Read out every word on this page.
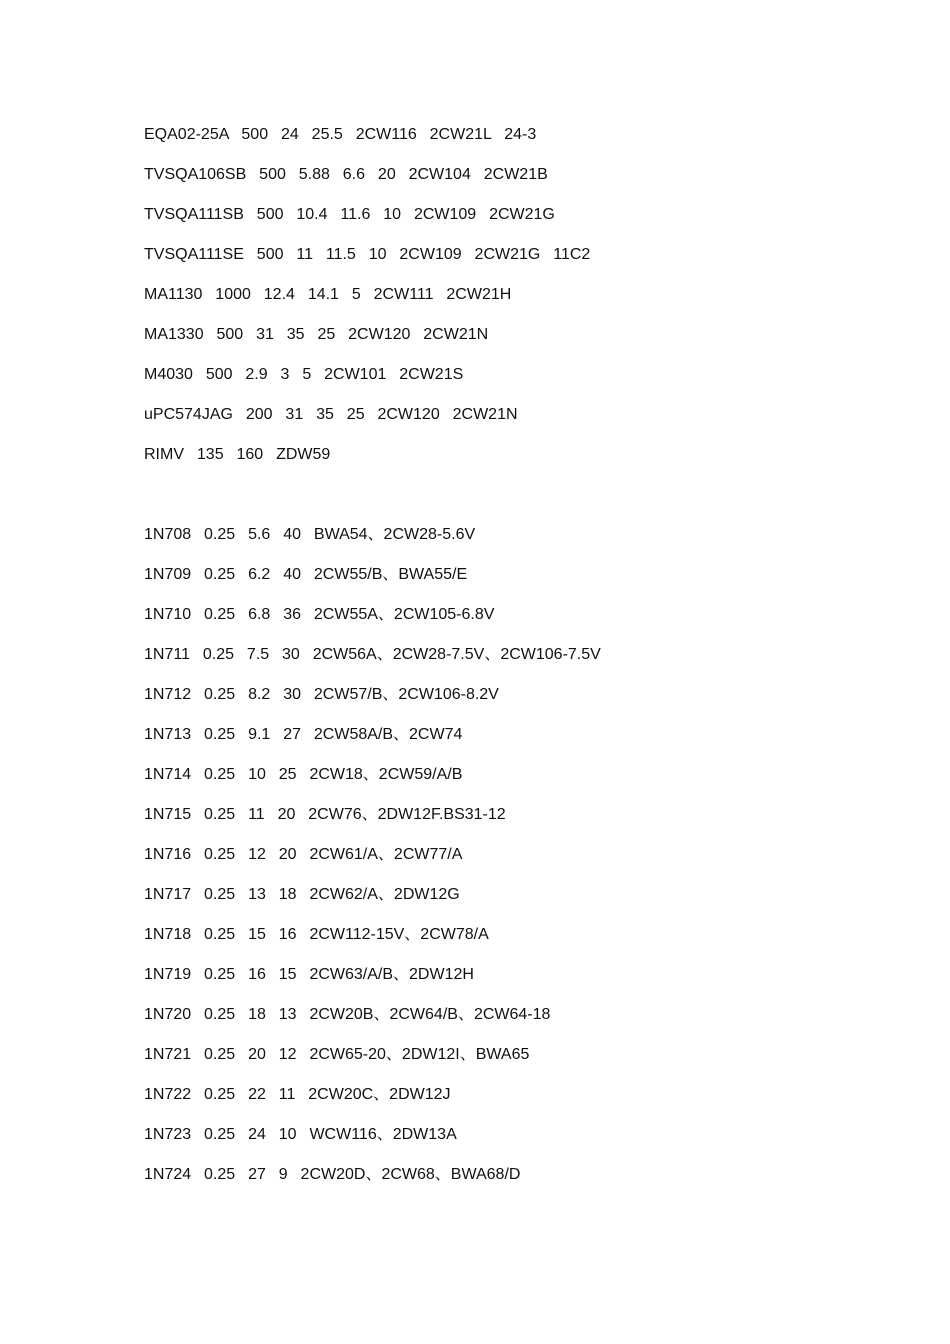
EQA02-25A  500  24  25.5  2CW116  2CW21L  24-3
TVSQA106SB  500  5.88  6.6  20  2CW104  2CW21B
TVSQA111SB  500  10.4  11.6  10  2CW109  2CW21G
TVSQA111SE  500  11  11.5  10  2CW109  2CW21G  11C2
MA1130  1000  12.4  14.1  5  2CW111  2CW21H
MA1330  500  31  35  25  2CW120  2CW21N
M4030  500  2.9  3  5  2CW101  2CW21S
uPC574JAG  200  31  35  25  2CW120  2CW21N
RIMV  135  160  ZDW59
1N708  0.25  5.6  40  BWA54、2CW28-5.6V
1N709  0.25  6.2  40  2CW55/B、BWA55/E
1N710  0.25  6.8  36  2CW55A、2CW105-6.8V
1N711  0.25  7.5  30  2CW56A、2CW28-7.5V、2CW106-7.5V
1N712  0.25  8.2  30  2CW57/B、2CW106-8.2V
1N713  0.25  9.1  27  2CW58A/B、2CW74
1N714  0.25  10  25  2CW18、2CW59/A/B
1N715  0.25  11  20  2CW76、2DW12F.BS31-12
1N716  0.25  12  20  2CW61/A、2CW77/A
1N717  0.25  13  18  2CW62/A、2DW12G
1N718  0.25  15  16  2CW112-15V、2CW78/A
1N719  0.25  16  15  2CW63/A/B、2DW12H
1N720  0.25  18  13  2CW20B、2CW64/B、2CW64-18
1N721  0.25  20  12  2CW65-20、2DW12I、BWA65
1N722  0.25  22  11  2CW20C、2DW12J
1N723  0.25  24  10  WCW116、2DW13A
1N724  0.25  27  9  2CW20D、2CW68、BWA68/D
